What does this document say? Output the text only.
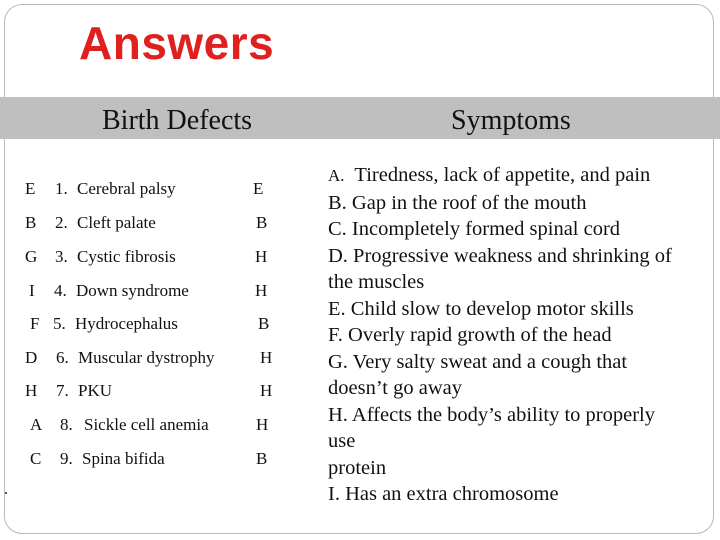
Answers
Birth Defects	Symptoms
E 1. Cerebral palsy	E
B 2. Cleft palate	B
G 3. Cystic fibrosis	H
I 4. Down syndrome	H
F 5. Hydrocephalus	B
D 6. Muscular dystrophy	H
H 7. PKU	H
A 8. Sickle cell anemia	H
C 9. Spina bifida	B
A. Tiredness, lack of appetite, and pain
B. Gap in the roof of the mouth
C. Incompletely formed spinal cord
D. Progressive weakness and shrinking of
the muscles
E. Child slow to develop motor skills
F. Overly rapid growth of the head
G. Very salty sweat and a cough that
doesn’t go away
H. Affects the body’s ability to properly
use
protein
I. Has an extra chromosome
